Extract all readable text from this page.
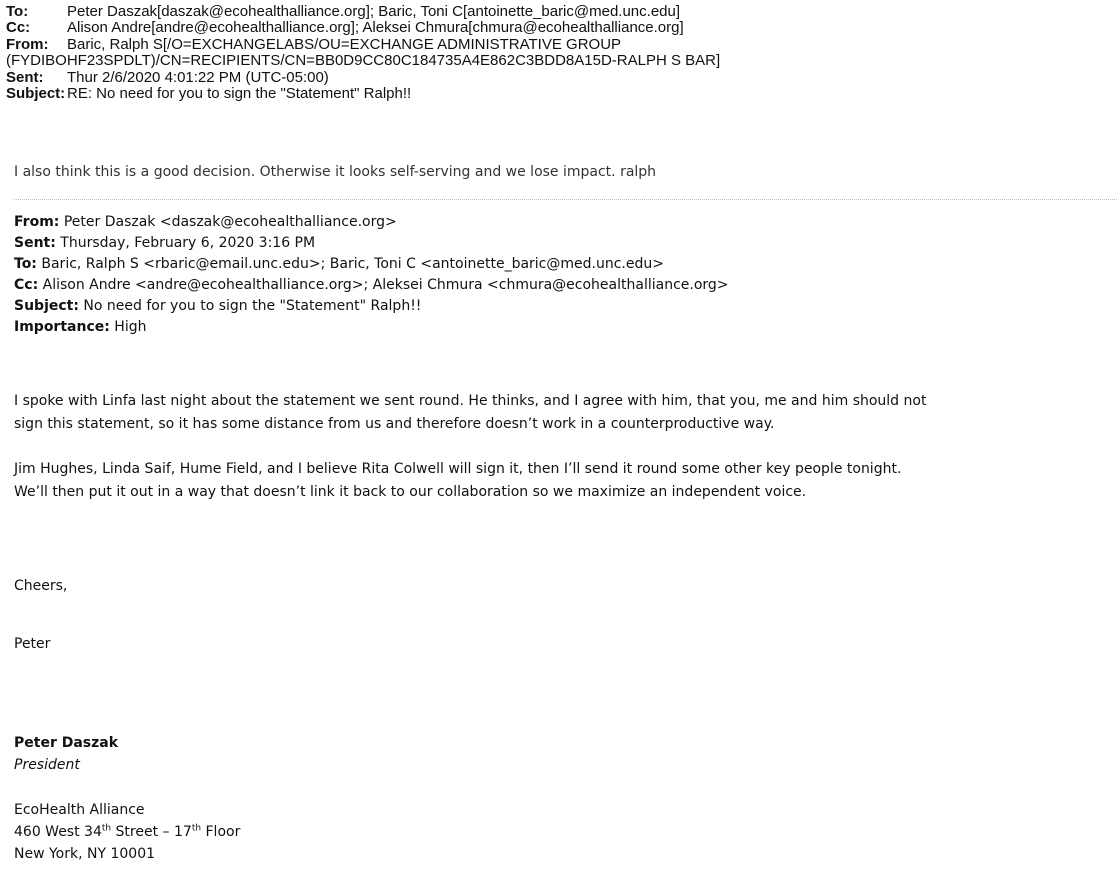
To:	Peter Daszak[daszak@ecohealthalliance.org]; Baric, Toni C[antoinette_baric@med.unc.edu]
Cc:	Alison Andre[andre@ecohealthalliance.org]; Aleksei Chmura[chmura@ecohealthalliance.org]
From:	Baric, Ralph S[/O=EXCHANGELABS/OU=EXCHANGE ADMINISTRATIVE GROUP
(FYDIBOHF23SPDLT)/CN=RECIPIENTS/CN=BB0D9CC80C184735A4E862C3BDD8A15D-RALPH S BAR]
Sent:	Thur 2/6/2020 4:01:22 PM (UTC-05:00)
Subject: RE: No need for you to sign the "Statement" Ralph!!
I also think this is a good decision. Otherwise it looks self-serving and we lose impact. ralph
From: Peter Daszak <daszak@ecohealthalliance.org>
Sent: Thursday, February 6, 2020 3:16 PM
To: Baric, Ralph S <rbaric@email.unc.edu>; Baric, Toni C <antoinette_baric@med.unc.edu>
Cc: Alison Andre <andre@ecohealthalliance.org>; Aleksei Chmura <chmura@ecohealthalliance.org>
Subject: No need for you to sign the "Statement" Ralph!!
Importance: High
I spoke with Linfa last night about the statement we sent round. He thinks, and I agree with him, that you, me and him should not
sign this statement, so it has some distance from us and therefore doesn’t work in a counterproductive way.
Jim Hughes, Linda Saif, Hume Field, and I believe Rita Colwell will sign it, then I’ll send it round some other key people tonight.
We’ll then put it out in a way that doesn’t link it back to our collaboration so we maximize an independent voice.
Cheers,
Peter
Peter Daszak
President
EcoHealth Alliance
460 West 34th Street – 17th Floor
New York, NY 10001
